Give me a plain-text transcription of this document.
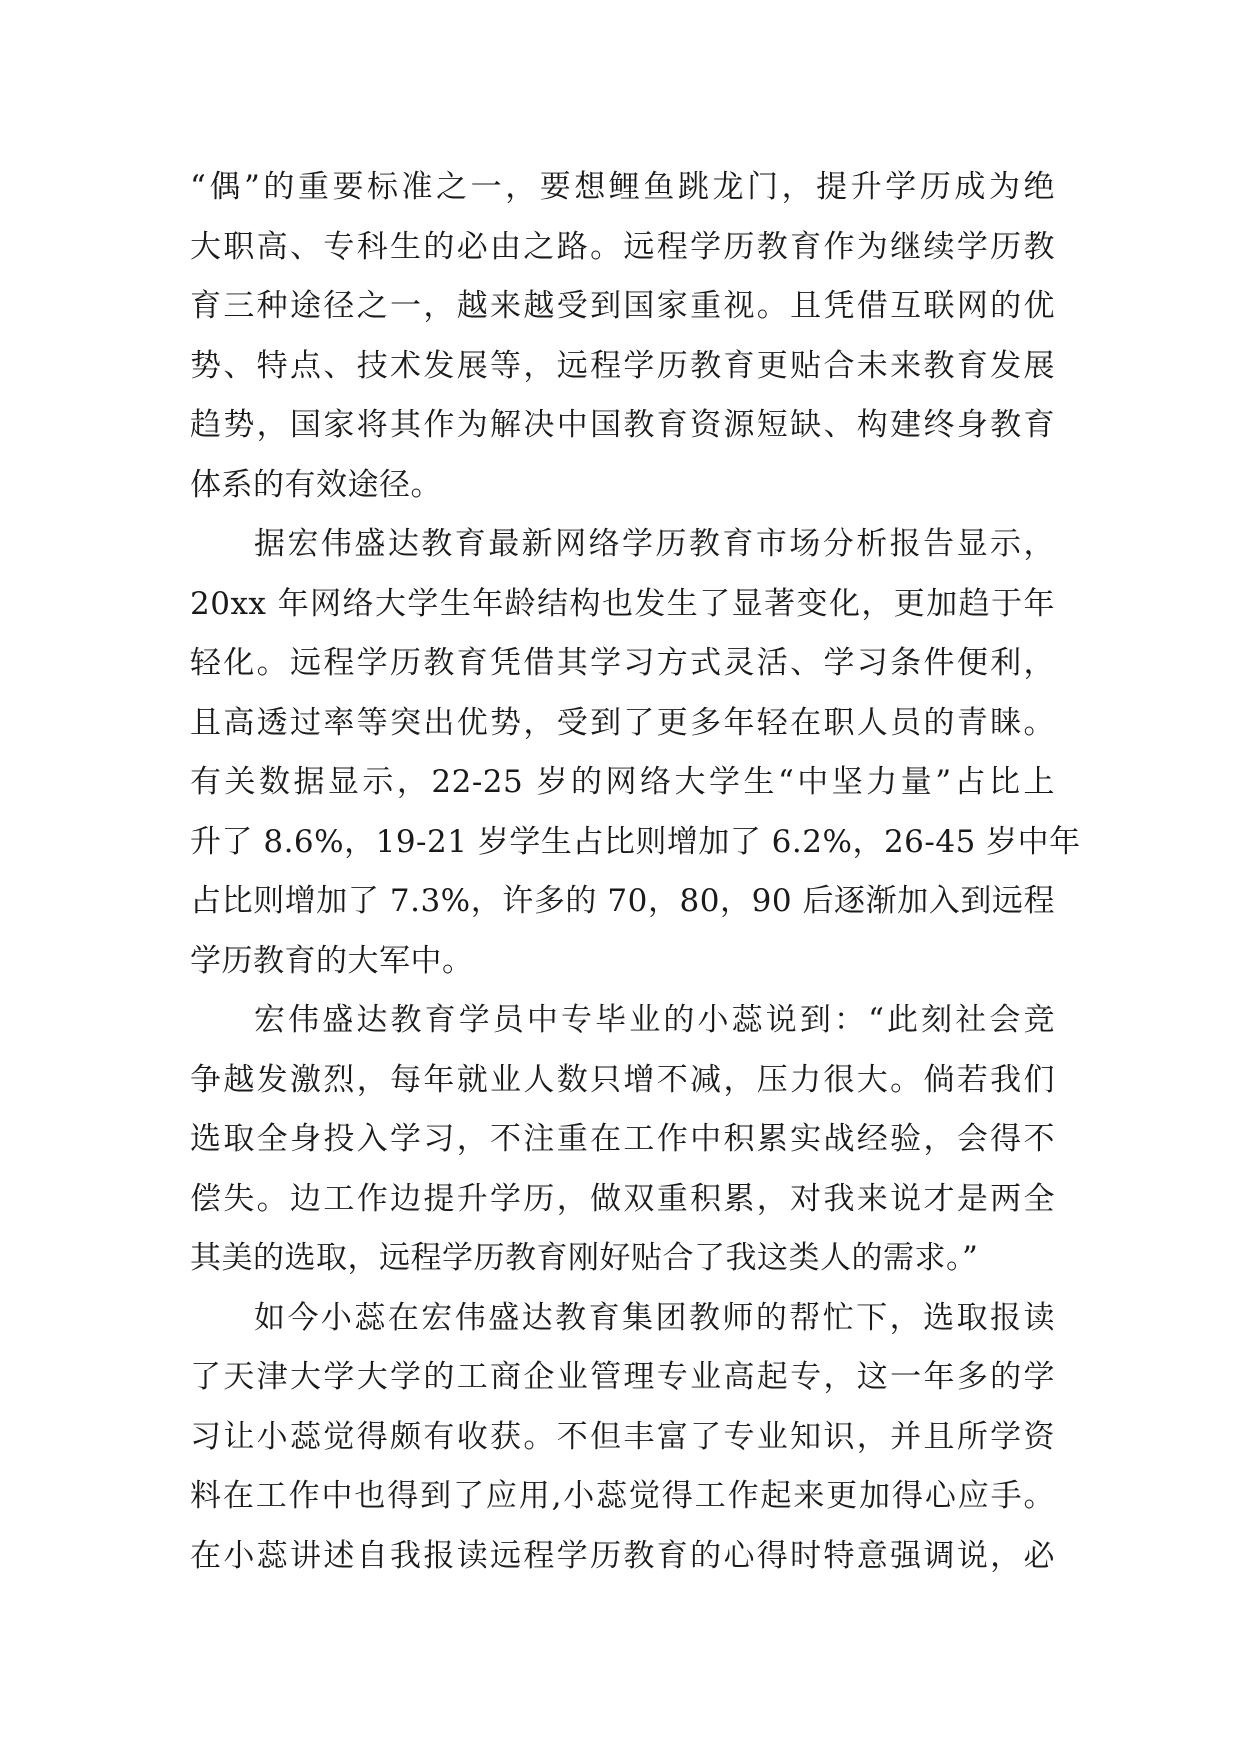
“偶”的重要标准之一，要想鲤鱼跳龙门，提升学历成为绝
大职高、专科生的必由之路。远程学历教育作为继续学历教
育三种途径之一，越来越受到国家重视。且凭借互联网的优
势、特点、技术发展等，远程学历教育更贴合未来教育发展
趋势，国家将其作为解决中国教育资源短缺、构建终身教育
体系的有效途径。
据宏伟盛达教育最新网络学历教育市场分析报告显示，
20xx 年网络大学生年龄结构也发生了显著变化，更加趋于年
轻化。远程学历教育凭借其学习方式灵活、学习条件便利，
且高透过率等突出优势，受到了更多年轻在职人员的青睐。
有关数据显示，22-25 岁的网络大学生“中坚力量”占比上
升了 8.6%，19-21 岁学生占比则增加了 6.2%，26-45 岁中年
占比则增加了 7.3%，许多的 70，80，90 后逐渐加入到远程
学历教育的大军中。
宏伟盛达教育学员中专毕业的小蕊说到：“此刻社会竞
争越发激烈，每年就业人数只增不减，压力很大。倘若我们
选取全身投入学习，不注重在工作中积累实战经验，会得不
偿失。边工作边提升学历，做双重积累，对我来说才是两全
其美的选取，远程学历教育刚好贴合了我这类人的需求。”
如今小蕊在宏伟盛达教育集团教师的帮忙下，选取报读
了天津大学大学的工商企业管理专业高起专，这一年多的学
习让小蕊觉得颇有收获。不但丰富了专业知识，并且所学资
料在工作中也得到了应用,小蕊觉得工作起来更加得心应手。
在小蕊讲述自我报读远程学历教育的心得时特意强调说，必
